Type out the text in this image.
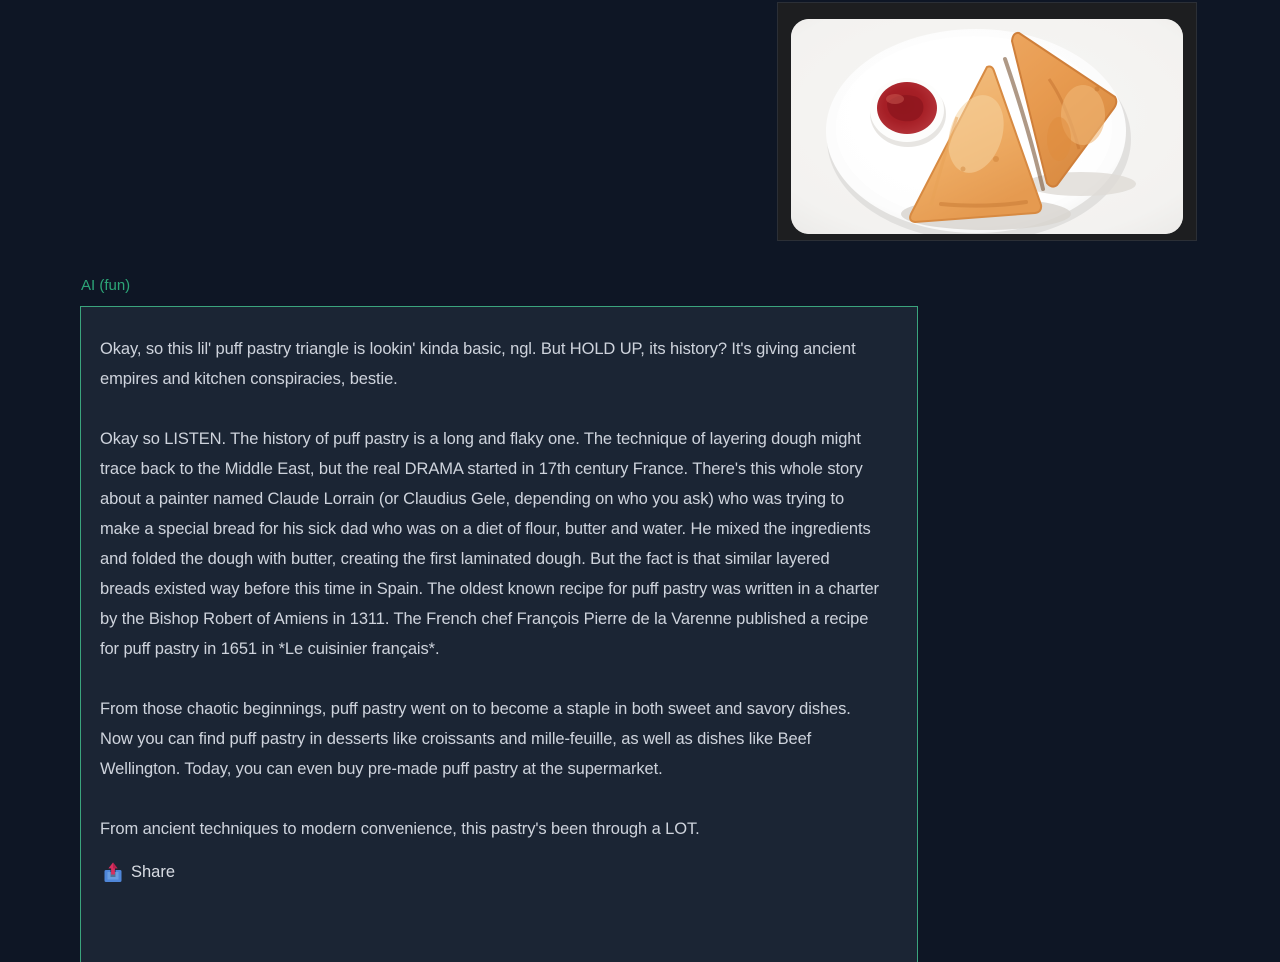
AI (fun)

Okay, so this lil' puff pastry triangle is lookin' kinda basic, ngl. But HOLD UP, its history? It's giving ancient empires and kitchen conspiracies, bestie.

Okay so LISTEN. The history of puff pastry is a long and flaky one. The technique of layering dough might trace back to the Middle East, but the real DRAMA started in 17th century France. There's this whole story about a painter named Claude Lorrain (or Claudius Gele, depending on who you ask) who was trying to make a special bread for his sick dad who was on a diet of flour, butter and water. He mixed the ingredients and folded the dough with butter, creating the first laminated dough. But the fact is that similar layered breads existed way before this time in Spain. The oldest known recipe for puff pastry was written in a charter by the Bishop Robert of Amiens in 1311. The French chef François Pierre de la Varenne published a recipe for puff pastry in 1651 in *Le cuisinier français*.

From those chaotic beginnings, puff pastry went on to become a staple in both sweet and savory dishes. Now you can find puff pastry in desserts like croissants and mille-feuille, as well as dishes like Beef Wellington. Today, you can even buy pre-made puff pastry at the supermarket.

From ancient techniques to modern convenience, this pastry's been through a LOT.

Share
